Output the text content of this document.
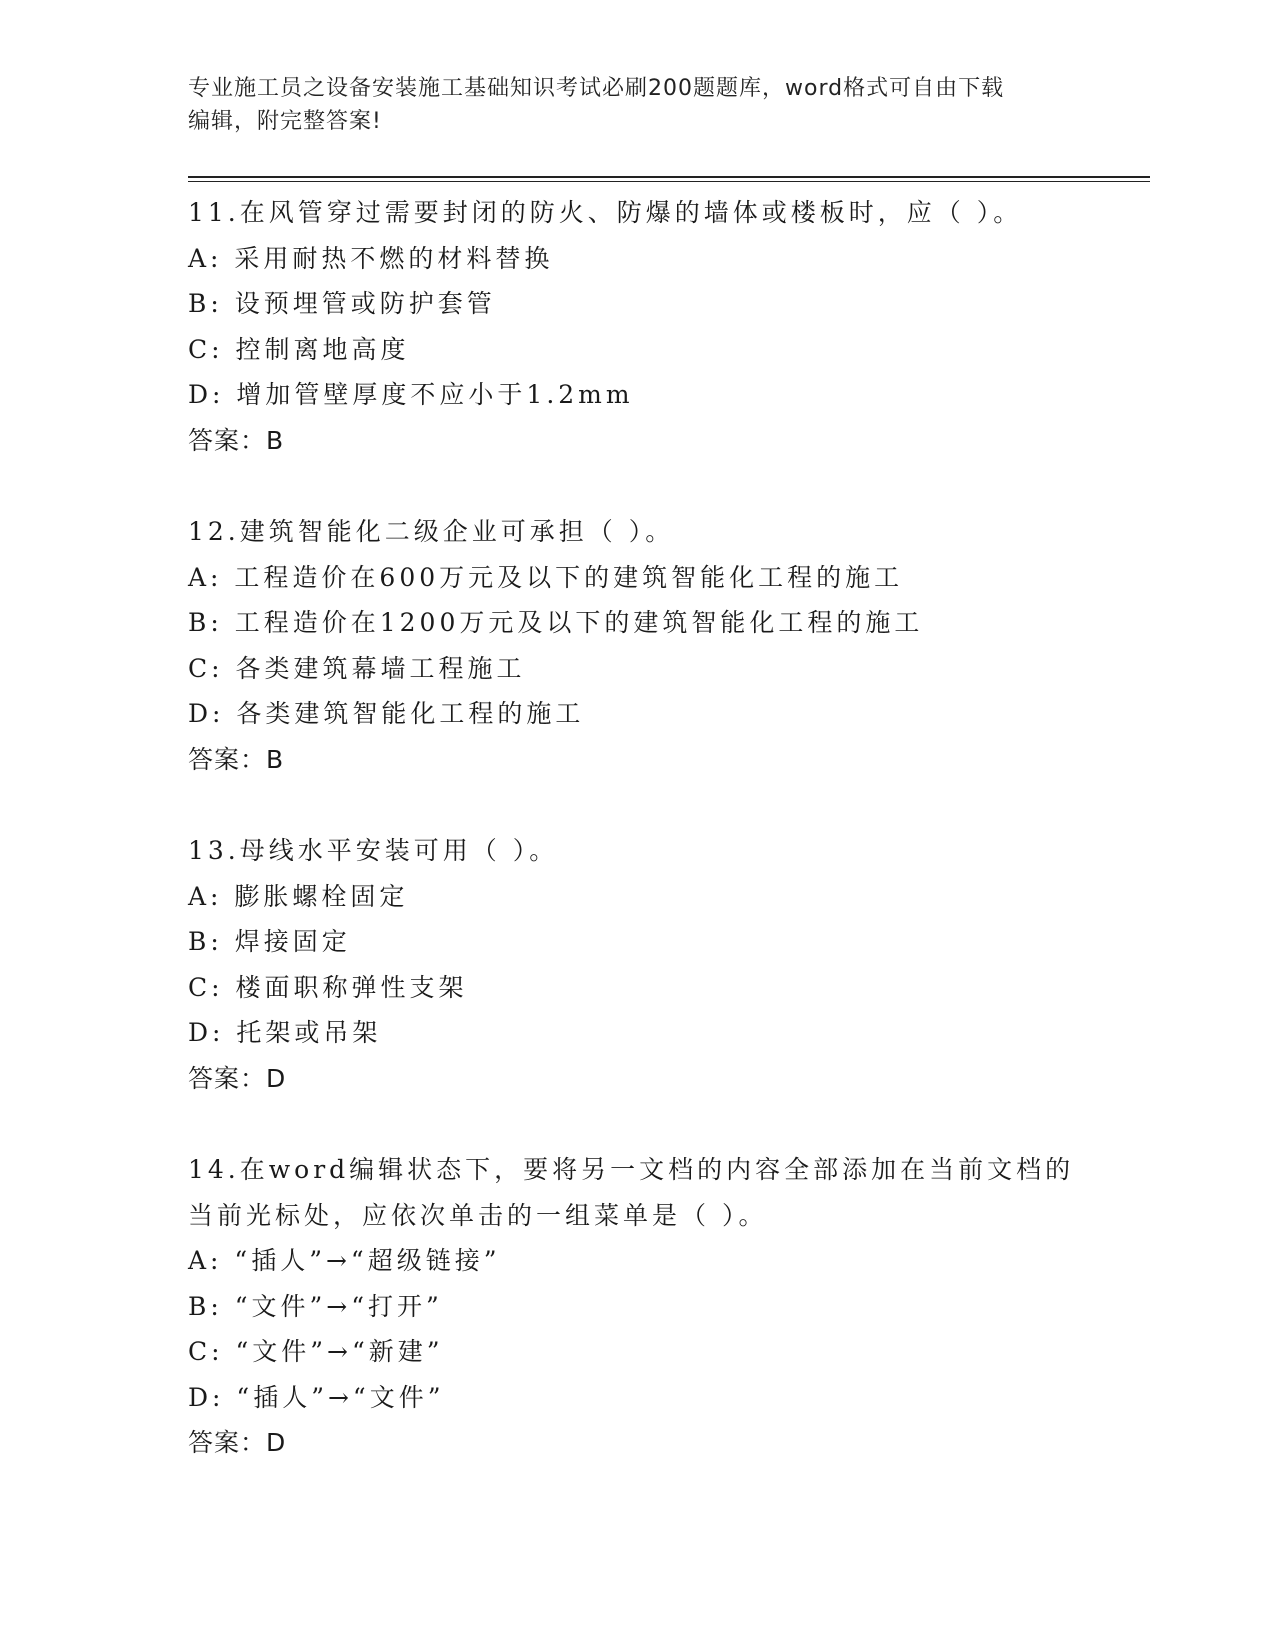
专业施工员之设备安装施工基础知识考试必刷200题题库，word格式可自由下载
编辑，附完整答案!
11.在风管穿过需要封闭的防火、防爆的墙体或楼板时，应（ ）。
A: 采用耐热不燃的材料替换
B: 设预埋管或防护套管
C: 控制离地高度
D: 增加管壁厚度不应小于1.2mm
答案：B
12.建筑智能化二级企业可承担（ ）。
A: 工程造价在600万元及以下的建筑智能化工程的施工
B: 工程造价在1200万元及以下的建筑智能化工程的施工
C: 各类建筑幕墙工程施工
D: 各类建筑智能化工程的施工
答案：B
13.母线水平安装可用（ ）。
A: 膨胀螺栓固定
B: 焊接固定
C: 楼面职称弹性支架
D: 托架或吊架
答案：D
14.在word编辑状态下，要将另一文档的内容全部添加在当前文档的
当前光标处，应依次单击的一组菜单是（ ）。
A: “插人”→“超级链接”
B: “文件”→“打开”
C: “文件”→“新建”
D: “插人”→“文件”
答案：D
